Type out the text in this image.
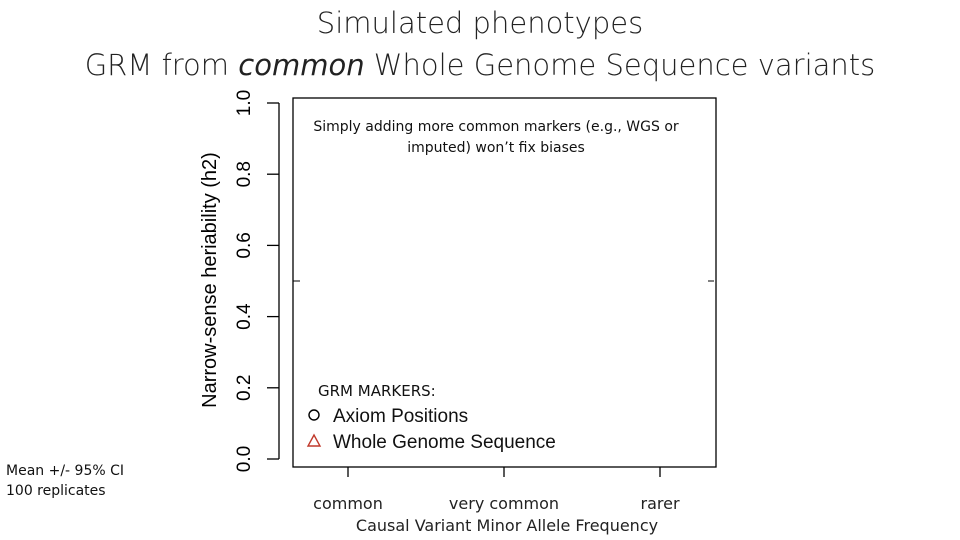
Simulated phenotypes
GRM from common Whole Genome Sequence variants
0.0
0.2
0.4
0.6
0.8
1.0
Narrow-sense heriability (h2)
common	very common	rarer
Causal Variant Minor Allele Frequency
Simply adding more common markers (e.g., WGS or imputed) won’t fix biases
GRM MARKERS:
Axiom Positions
Whole Genome Sequence
Mean +/- 95% CI
100 replicates
